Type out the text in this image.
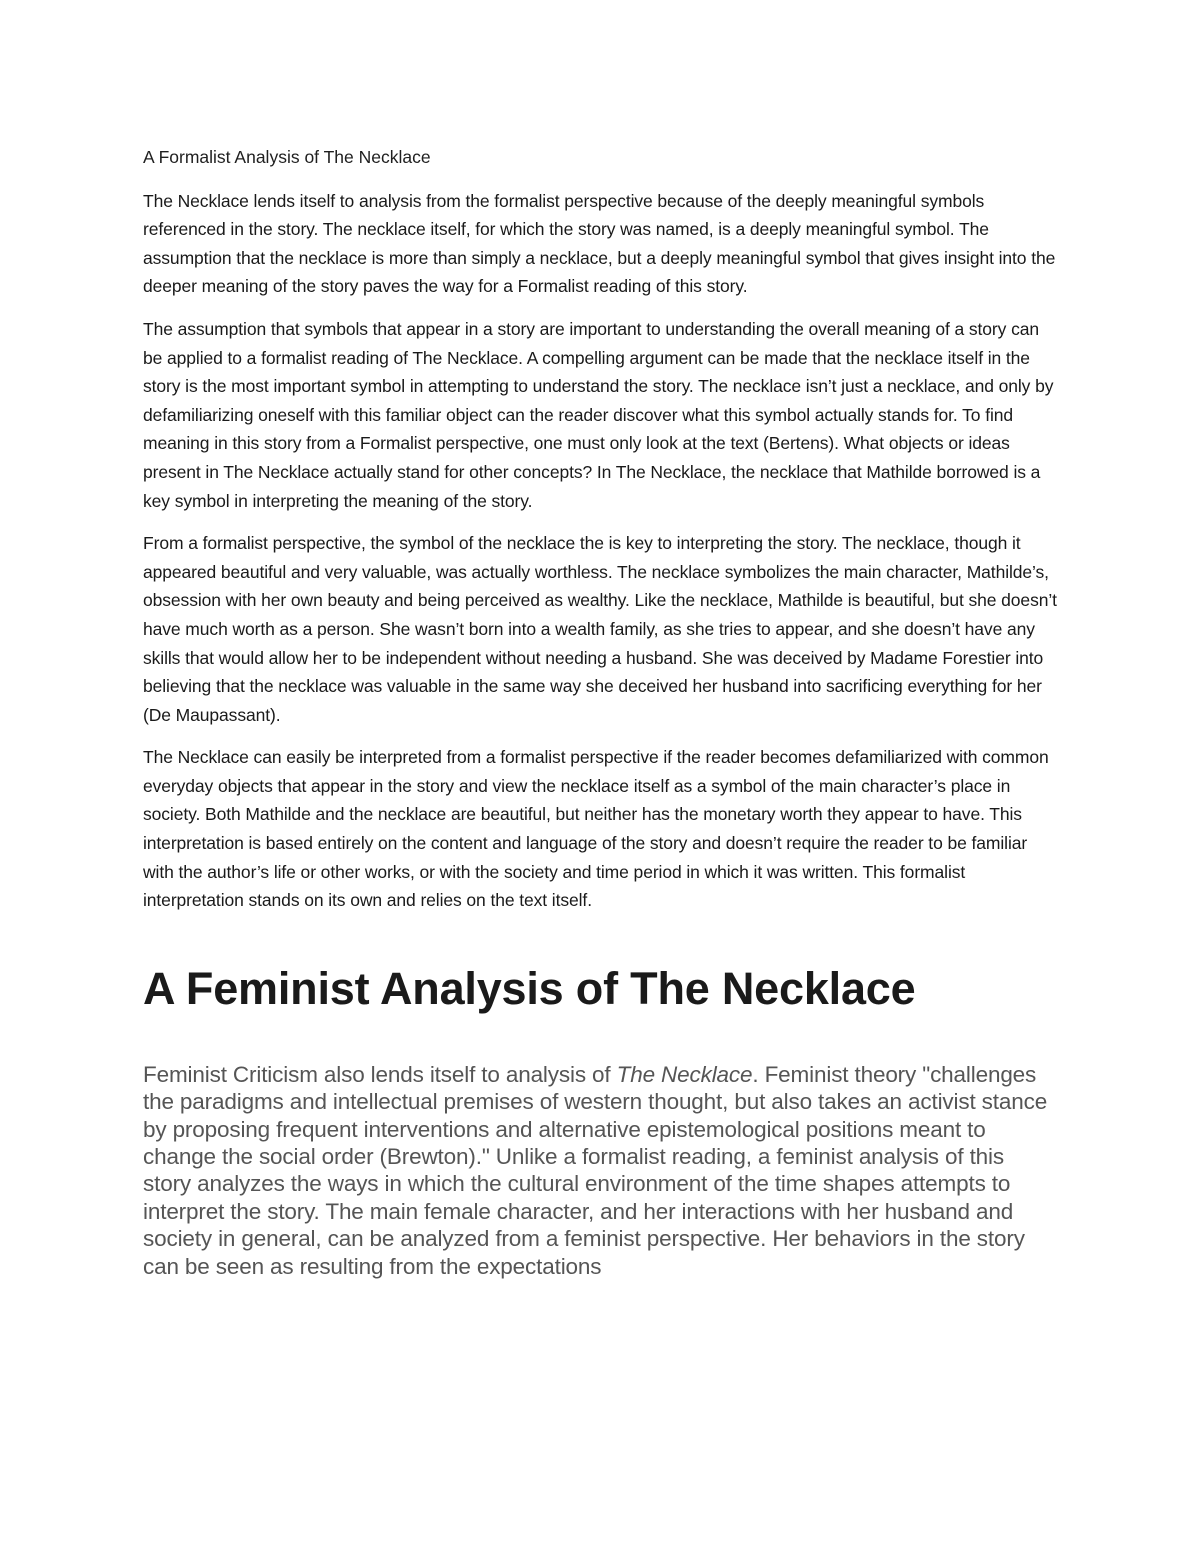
A Formalist Analysis of The Necklace

The Necklace lends itself to analysis from the formalist perspective because of the deeply meaningful symbols referenced in the story. The necklace itself, for which the story was named, is a deeply meaningful symbol. The assumption that the necklace is more than simply a necklace, but a deeply meaningful symbol that gives insight into the deeper meaning of the story paves the way for a Formalist reading of this story.

The assumption that symbols that appear in a story are important to understanding the overall meaning of a story can be applied to a formalist reading of The Necklace. A compelling argument can be made that the necklace itself in the story is the most important symbol in attempting to understand the story. The necklace isn’t just a necklace, and only by defamiliarizing oneself with this familiar object can the reader discover what this symbol actually stands for. To find meaning in this story from a Formalist perspective, one must only look at the text (Bertens). What objects or ideas present in The Necklace actually stand for other concepts? In The Necklace, the necklace that Mathilde borrowed is a key symbol in interpreting the meaning of the story.

From a formalist perspective, the symbol of the necklace the is key to interpreting the story. The necklace, though it appeared beautiful and very valuable, was actually worthless. The necklace symbolizes the main character, Mathilde’s, obsession with her own beauty and being perceived as wealthy. Like the necklace, Mathilde is beautiful, but she doesn’t have much worth as a person. She wasn’t born into a wealth family, as she tries to appear, and she doesn’t have any skills that would allow her to be independent without needing a husband. She was deceived by Madame Forestier into believing that the necklace was valuable in the same way she deceived her husband into sacrificing everything for her (De Maupassant).

The Necklace can easily be interpreted from a formalist perspective if the reader becomes defamiliarized with common everyday objects that appear in the story and view the necklace itself as a symbol of the main character’s place in society. Both Mathilde and the necklace are beautiful, but neither has the monetary worth they appear to have. This interpretation is based entirely on the content and language of the story and doesn’t require the reader to be familiar with the author’s life or other works, or with the society and time period in which it was written. This formalist interpretation stands on its own and relies on the text itself.

A Feminist Analysis of The Necklace

Feminist Criticism also lends itself to analysis of The Necklace. Feminist theory "challenges the paradigms and intellectual premises of western thought, but also takes an activist stance by proposing frequent interventions and alternative epistemological positions meant to change the social order (Brewton)." Unlike a formalist reading, a feminist analysis of this story analyzes the ways in which the cultural environment of the time shapes attempts to interpret the story. The main female character, and her interactions with her husband and society in general, can be analyzed from a feminist perspective. Her behaviors in the story can be seen as resulting from the expectations
